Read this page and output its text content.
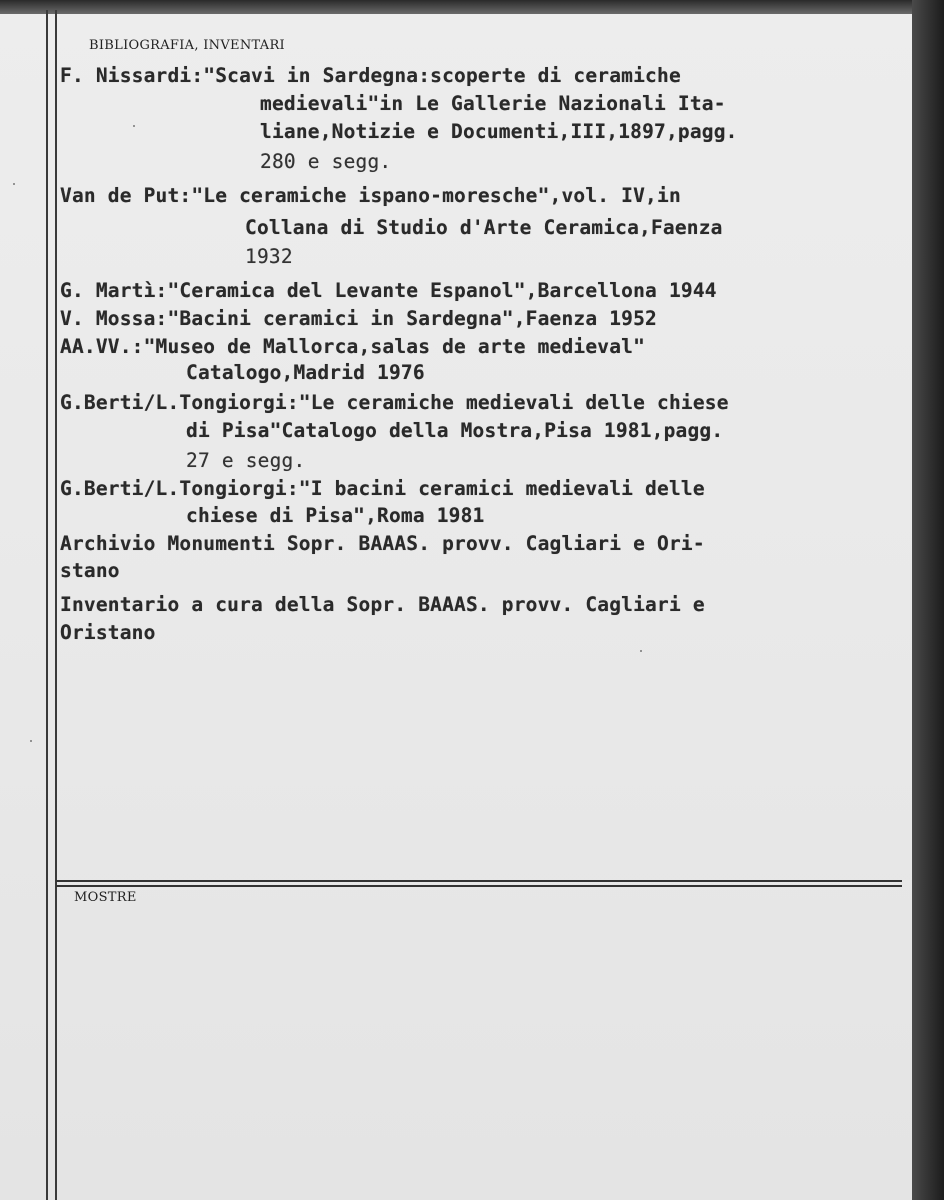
BIBLIOGRAFIA, INVENTARI
MOSTRE
F. Nissardi:"Scavi in Sardegna:scoperte di ceramiche
medievali"in Le Gallerie Nazionali Ita-
liane,Notizie e Documenti,III,1897,pagg.
280 e segg.
Van de Put:"Le ceramiche ispano-moresche",vol. IV,in
Collana di Studio d'Arte Ceramica,Faenza
1932
G. Martì:"Ceramica del Levante Espanol",Barcellona 1944
V. Mossa:"Bacini ceramici in Sardegna",Faenza 1952
AA.VV.:"Museo de Mallorca,salas de arte medieval"
Catalogo,Madrid 1976
G.Berti/L.Tongiorgi:"Le ceramiche medievali delle chiese
di Pisa"Catalogo della Mostra,Pisa 1981,pagg.
27 e segg.
G.Berti/L.Tongiorgi:"I bacini ceramici medievali delle
chiese di Pisa",Roma 1981
Archivio Monumenti Sopr. BAAAS. provv. Cagliari e Ori-
stano
Inventario a cura della Sopr. BAAAS. provv. Cagliari e
Oristano
